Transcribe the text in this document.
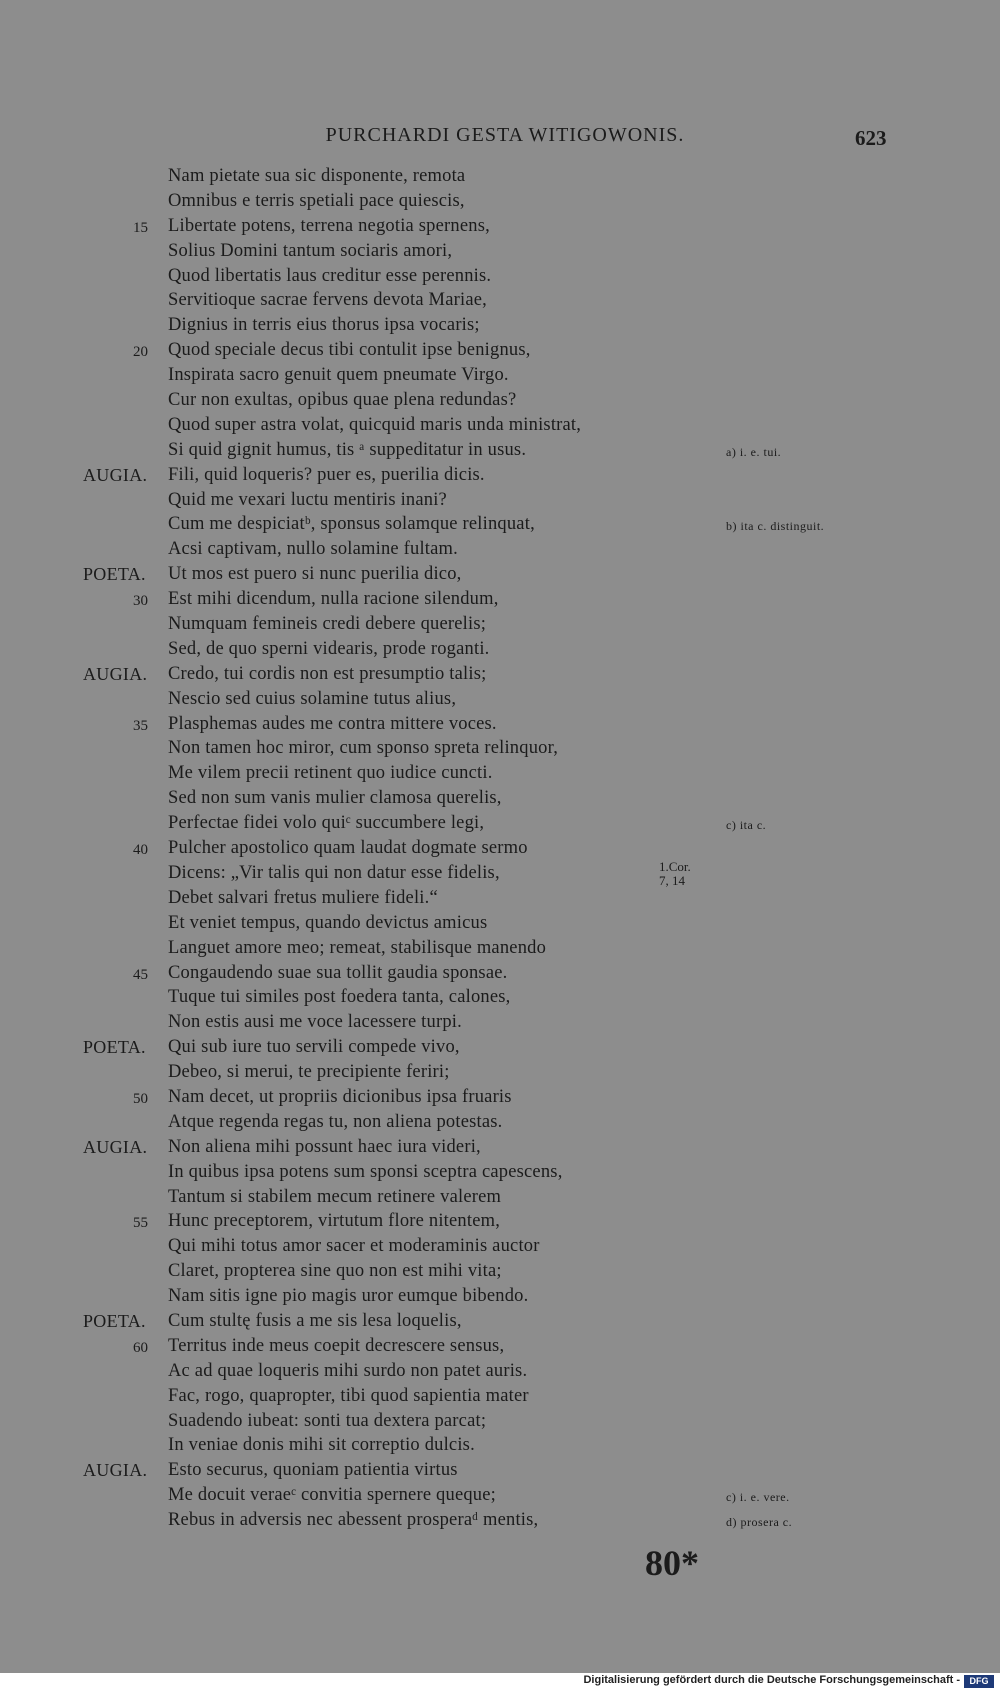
PURCHARDI GESTA WITIGOWONIS.	623
Nam pietate sua sic disponente, remota
Omnibus e terris spetiali pace quiescis,
15 Libertate potens, terrena negotia spernens,
Solius Domini tantum sociaris amori,
Quod libertatis laus creditur esse perennis.
Servitioque sacrae fervens devota Mariae,
Dignius in terris eius thorus ipsa vocaris;
20 Quod speciale decus tibi contulit ipse benignus,
Inspirata sacro genuit quem pneumate Virgo.
Cur non exultas, opibus quae plena redundas?
Quod super astra volat, quicquid maris unda ministrat,
Si quid gignit humus, tis ᵃ suppeditatur in usus.	a) i. e. tui.
AUGIA. Fili, quid loqueris? puer es, puerilia dicis.
Quid me vexari luctu mentiris inani?
Cum me despiciatᵇ, sponsus solamque relinquat,	b) ita c. distinguit.
Acsi captivam, nullo solamine fultam.
POETA. Ut mos est puero si nunc puerilia dico,
30 Est mihi dicendum, nulla racione silendum,
Numquam femineis credi debere querelis;
Sed, de quo sperni videaris, prode roganti.
AUGIA. Credo, tui cordis non est presumptio talis;
Nescio sed cuius solamine tutus alius,
35 Plasphemas audes me contra mittere voces.
Non tamen hoc miror, cum sponso spreta relinquor,
Me vilem precii retinent quo iudice cuncti.
Sed non sum vanis mulier clamosa querelis,
Perfectae fidei volo quiᶜ succumbere legi,	c) ita c.
40 Pulcher apostolico quam laudat dogmate sermo
Dicens: „Vir talis qui non datur esse fidelis,
Debet salvari fretus muliere fideli.“
Et veniet tempus, quando devictus amicus
Languet amore meo; remeat, stabilisque manendo
45 Congaudendo suae sua tollit gaudia sponsae.
Tuque tui similes post foedera tanta, calones,
Non estis ausi me voce lacessere turpi.
POETA. Qui sub iure tuo servili compede vivo,
Debeo, si merui, te precipiente feriri;
50 Nam decet, ut propriis dicionibus ipsa fruaris
Atque regenda regas tu, non aliena potestas.
AUGIA. Non aliena mihi possunt haec iura videri,
In quibus ipsa potens sum sponsi sceptra capescens,
Tantum si stabilem mecum retinere valerem
55 Hunc preceptorem, virtutum flore nitentem,
Qui mihi totus amor sacer et moderaminis auctor
Claret, propterea sine quo non est mihi vita;
Nam sitis igne pio magis uror eumque bibendo.
POETA. Cum stultę fusis a me sis lesa loquelis,
60 Territus inde meus coepit decrescere sensus,
Ac ad quae loqueris mihi surdo non patet auris.
Fac, rogo, quapropter, tibi quod sapientia mater
Suadendo iubeat: sonti tua dextera parcat;
In veniae donis mihi sit correptio dulcis.
AUGIA. Esto securus, quoniam patientia virtus
Me docuit veraeᶜ convitia spernere queque;	c) i. e. vere.
Rebus in adversis nec abessent prosperaᵈ mentis,	d) prosera c.
1.Cor.
7, 14
80*
Digitalisierung gefördert durch die Deutsche Forschungsgemeinschaft -	DFG
